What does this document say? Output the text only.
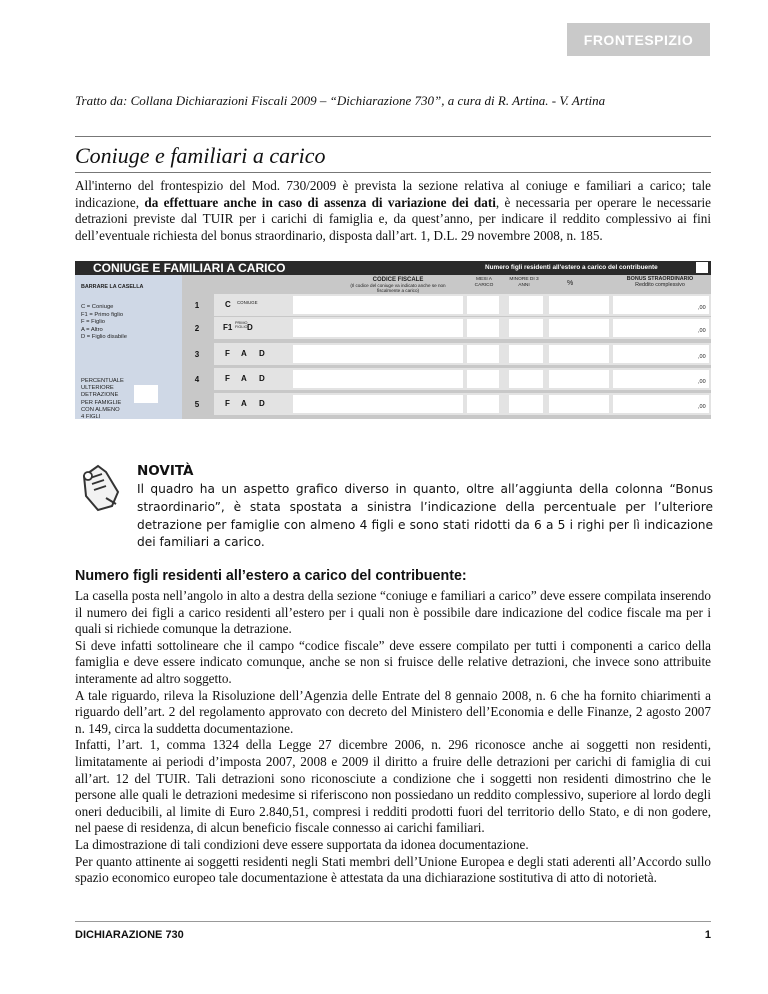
FRONTESPIZIO
Tratto da: Collana Dichiarazioni Fiscali 2009 – “Dichiarazione 730”, a cura di R. Artina. - V. Artina
Coniuge e familiari a carico
All'interno del frontespizio del Mod. 730/2009 è prevista la sezione relativa al coniuge e familiari a carico; tale indicazione, da effettuare anche in caso di assenza di variazione dei dati, è necessaria per operare le necessarie detrazioni previste dal TUIR per i carichi di famiglia e, da quest’anno, per indicare il reddito complessivo ai fini dell’eventuale richiesta del bonus straordinario, disposta dall’art. 1, D.L. 29 novembre 2008, n. 185.
CONIUGE E FAMILIARI A CARICO	Numero figli residenti all'estero a carico del contribuente
BARRARE LA CASELLA
C = Coniuge
F1 = Primo figlio
F = Figlio
A = Altro
D = Figlio disabile
PERCENTUALE
ULTERIORE
DETRAZIONE
PER FAMIGLIE
CON ALMENO
4 FIGLI
CODICE FISCALE
(Il codice del coniuge va indicato anche se non fiscalmente a carico)
MESI A CARICO
MINORE DI 3 ANNI	%
BONUS STRAORDINARIO
Reddito complessivo
1	C	,00
2	F1 D	,00
3	F A D	,00
4	F A D	,00
5	F A D	,00
CONIUGE
PRIMO FIGLIO
NOVITÀ
Il quadro ha un aspetto grafico diverso in quanto, oltre all’aggiunta della colonna “Bonus straordinario”, è stata spostata a sinistra l’indicazione della percentuale per l’ulteriore detrazione per famiglie con almeno 4 figli e sono stati ridotti da 6 a 5 i righi per lì indicazione dei familiari a carico.
Numero figli residenti all’estero a carico del contribuente:

La casella posta nell’angolo in alto a destra della sezione “coniuge e familiari a carico” deve essere compilata inserendo il numero dei figli a carico residenti all’estero per i quali non è possibile dare indicazione del codice fiscale ma per i quali si richiede comunque la detrazione.

Si deve infatti sottolineare che il campo “codice fiscale” deve essere compilato per tutti i componenti a carico della famiglia e deve essere indicato comunque, anche se non si fruisce delle relative detrazioni, che invece sono attribuite interamente ad altro soggetto.

A tale riguardo, rileva la Risoluzione dell’Agenzia delle Entrate del 8 gennaio 2008, n. 6 che ha fornito chiarimenti a riguardo dell’art. 2 del regolamento approvato con decreto del Ministero dell’Economia e delle Finanze, 2 agosto 2007 n. 149, circa la suddetta documentazione.

Infatti, l’art. 1, comma 1324 della Legge 27 dicembre 2006, n. 296 riconosce anche ai soggetti non residenti, limitatamente ai periodi d’imposta 2007, 2008 e 2009 il diritto a fruire delle detrazioni per carichi di famiglia di cui all’art. 12 del TUIR. Tali detrazioni sono riconosciute a condizione che i soggetti non residenti dimostrino che le persone alle quali le detrazioni medesime si riferiscono non possiedano un reddito complessivo, superiore al lordo degli oneri deducibili, al limite di Euro 2.840,51, compresi i redditi prodotti fuori del territorio dello Stato, e di non godere, nel paese di residenza, di alcun beneficio fiscale connesso ai carichi familiari.

La dimostrazione di tali condizioni deve essere supportata da idonea documentazione.

Per quanto attinente ai soggetti residenti negli Stati membri dell’Unione Europea e degli stati aderenti all’Accordo sullo spazio economico europeo tale documentazione è attestata da una dichiarazione sostitutiva di atto di notorietà.

DICHIARAZIONE 730	1
